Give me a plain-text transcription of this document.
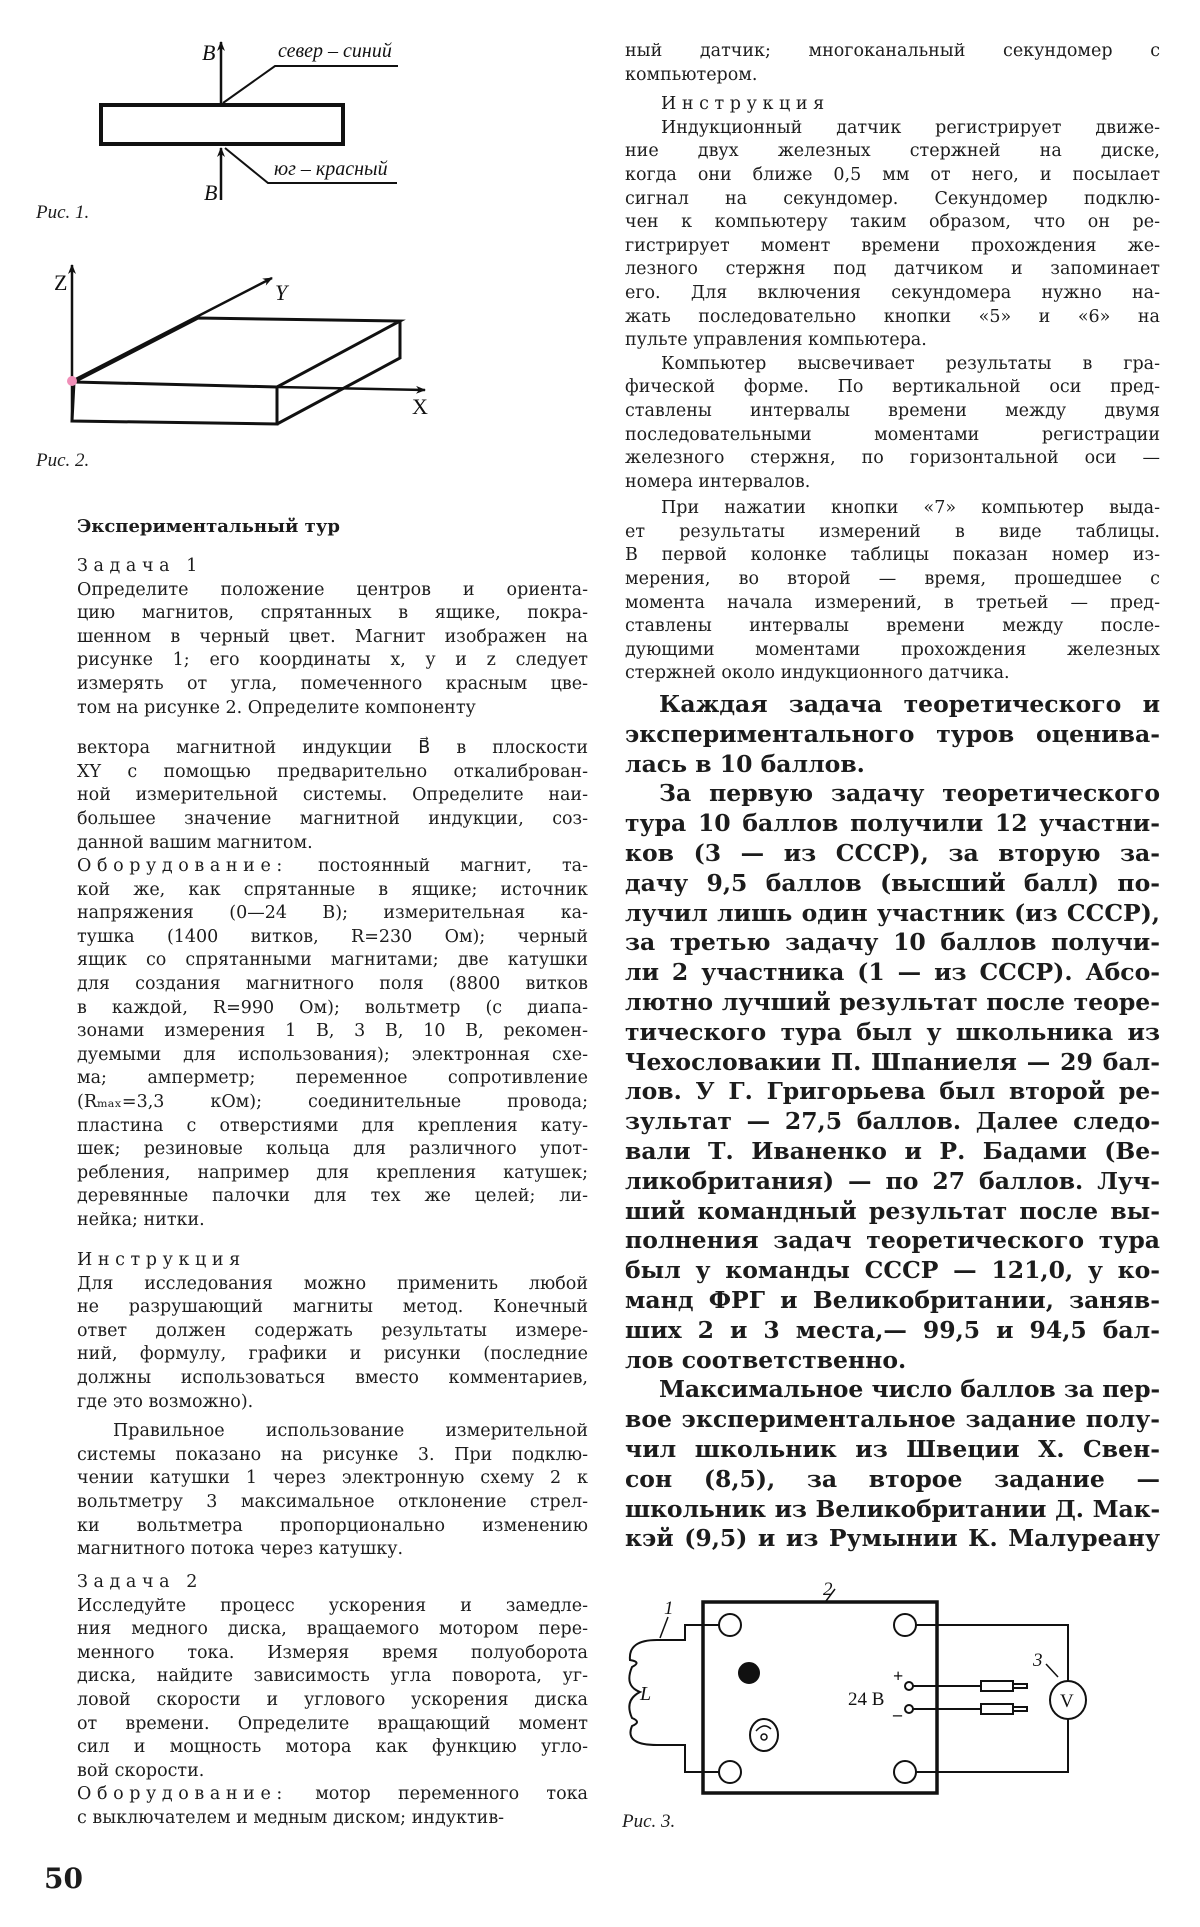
B
B
север – синий
юг – красный
Z	Y
X
V
1
2
3
L	24 В
+
–
Рис. 1.
Рис. 2.
Рис. 3.
Экспериментальный тур
Задача 1
Определите положение центров и ориента-
цию магнитов, спрятанных в ящике, покра-
шенном в черный цвет. Магнит изображен на
рисунке 1; его координаты x, y и z следует
измерять от угла, помеченного красным цве-
том на рисунке 2. Определите компоненту
вектора магнитной индукции B⃗ в плоскости
XY с помощью предварительно откалиброван-
ной измерительной системы. Определите наи-
большее значение магнитной индукции, соз-
данной вашим магнитом.
Оборудование: постоянный магнит, та-
кой же, как спрятанные в ящике; источник
напряжения (0—24 В); измерительная ка-
тушка (1400 витков, R=230 Ом); черный
ящик со спрятанными магнитами; две катушки
для создания магнитного поля (8800 витков
в каждой, R=990 Ом); вольтметр (с диапа-
зонами измерения 1 В, 3 В, 10 В, рекомен-
дуемыми для использования); электронная схе-
ма; амперметр; переменное сопротивление
(Rₘₐₓ=3,3 кОм); соединительные провода;
пластина с отверстиями для крепления кату-
шек; резиновые кольца для различного упот-
ребления, например для крепления катушек;
деревянные палочки для тех же целей; ли-
нейка; нитки.
Инструкция
Для исследования можно применить любой
не разрушающий магниты метод. Конечный
ответ должен содержать результаты измере-
ний, формулу, графики и рисунки (последние
должны использоваться вместо комментариев,
где это возможно).
Правильное использование измерительной
системы показано на рисунке 3. При подклю-
чении катушки 1 через электронную схему 2 к
вольтметру 3 максимальное отклонение стрел-
ки вольтметра пропорционально изменению
магнитного потока через катушку.
Задача 2
Исследуйте процесс ускорения и замедле-
ния медного диска, вращаемого мотором пере-
менного тока. Измеряя время полуоборота
диска, найдите зависимость угла поворота, уг-
ловой скорости и углового ускорения диска
от времени. Определите вращающий момент
сил и мощность мотора как функцию угло-
вой скорости.
Оборудование: мотор переменного тока
с выключателем и медным диском; индуктив-
50
ный датчик; многоканальный секундомер с
компьютером.
Инструкция
Индукционный датчик регистрирует движе-
ние двух железных стержней на диске,
когда они ближе 0,5 мм от него, и посылает
сигнал на секундомер. Секундомер подклю-
чен к компьютеру таким образом, что он ре-
гистрирует момент времени прохождения же-
лезного стержня под датчиком и запоминает
его. Для включения секундомера нужно на-
жать последовательно кнопки «5» и «6» на
пульте управления компьютера.
Компьютер высвечивает результаты в гра-
фической форме. По вертикальной оси пред-
ставлены интервалы времени между двумя
последовательными моментами регистрации
железного стержня, по горизонтальной оси —
номера интервалов.
При нажатии кнопки «7» компьютер выда-
ет результаты измерений в виде таблицы.
В первой колонке таблицы показан номер из-
мерения, во второй — время, прошедшее с
момента начала измерений, в третьей — пред-
ставлены интервалы времени между после-
дующими моментами прохождения железных
стержней около индукционного датчика.
Каждая задача теоретического и
экспериментального туров оценива-
лась в 10 баллов.
За первую задачу теоретического
тура 10 баллов получили 12 участни-
ков (3 — из СССР), за вторую за-
дачу 9,5 баллов (высший балл) по-
лучил лишь один участник (из СССР),
за третью задачу 10 баллов получи-
ли 2 участника (1 — из СССР). Абсо-
лютно лучший результат после теоре-
тического тура был у школьника из
Чехословакии П. Шпаниеля — 29 бал-
лов. У Г. Григорьева был второй ре-
зультат — 27,5 баллов. Далее следо-
вали Т. Иваненко и Р. Бадами (Ве-
ликобритания) — по 27 баллов. Луч-
ший командный результат после вы-
полнения задач теоретического тура
был у команды СССР — 121,0, у ко-
манд ФРГ и Великобритании, заняв-
ших 2 и 3 места,— 99,5 и 94,5 бал-
лов соответственно.
Максимальное число баллов за пер-
вое экспериментальное задание полу-
чил школьник из Швеции Х. Свен-
сон (8,5), за второе задание —
школьник из Великобритании Д. Мак-
кэй (9,5) и из Румынии К. Малуреану
